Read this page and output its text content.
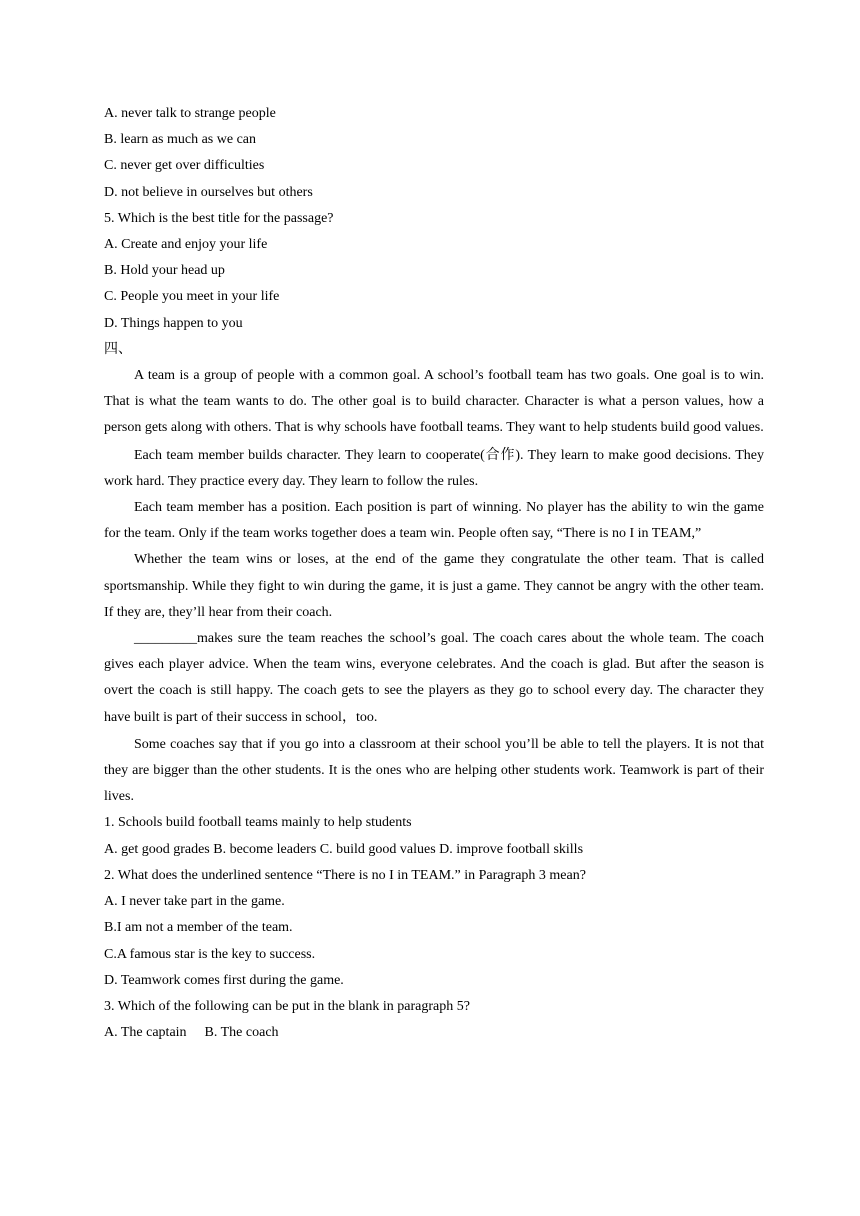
A. never talk to strange people
B. learn as much as we can
C. never get over difficulties
D. not believe in ourselves but others
5. Which is the best title for the passage?
A. Create and enjoy your life
B. Hold your head up
C. People you meet in your life
D. Things happen to you
四、

A team is a group of people with a common goal. A school’s football team has two goals. One goal is to win. That is what the team wants to do. The other goal is to build character. Character is what a person values, how a person gets along with others. That is why schools have football teams. They want to help students build good values.

Each team member builds character. They learn to cooperate(合作). They learn to make good decisions. They work hard. They practice every day. They learn to follow the rules.

Each team member has a position. Each position is part of winning. No player has the ability to win the game for the team. Only if the team works together does a team win. People often say, “There is no I in TEAM,”

Whether the team wins or loses, at the end of the game they congratulate the other team. That is called sportsmanship. While they fight to win during the game, it is just a game. They cannot be angry with the other team. If they are, they’ll hear from their coach.

_________makes sure the team reaches the school’s goal. The coach cares about the whole team. The coach gives each player advice. When the team wins, everyone celebrates. And the coach is glad. But after the season is overt the coach is still happy. The coach gets to see the players as they go to school every day. The character they have built is part of their success in school，too.

Some coaches say that if you go into a classroom at their school you’ll be able to tell the players. It is not that they are bigger than the other students. It is the ones who are helping other students work. Teamwork is part of their lives.

1. Schools build football teams mainly to help students
A. get good grades B. become leaders C. build good values D. improve football skills
2. What does the underlined sentence “There is no I in TEAM.” in Paragraph 3 mean?
A. I never take part in the game.
B.I am not a member of the team.
C.A famous star is the key to success.
D. Teamwork comes first during the game.
3. Which of the following can be put in the blank in paragraph 5?
A. The captain B. The coach
